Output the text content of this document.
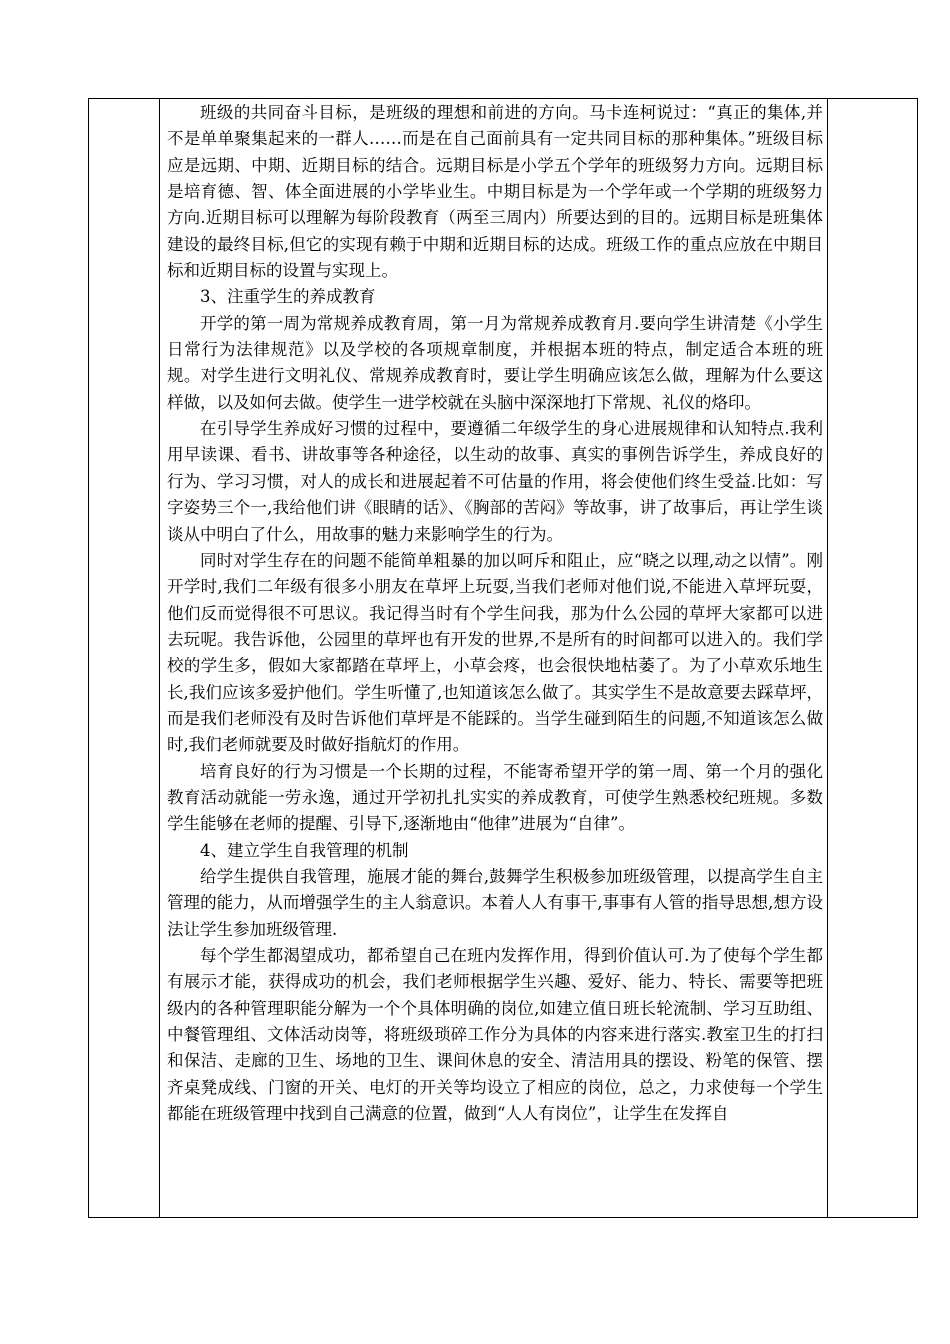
班级的共同奋斗目标，是班级的理想和前进的方向。马卡连柯说过：“真正的集体,并不是单单聚集起来的一群人……而是在自己面前具有一定共同目标的那种集体。”班级目标应是远期、中期、近期目标的结合。远期目标是小学五个学年的班级努力方向。远期目标是培育德、智、体全面进展的小学毕业生。中期目标是为一个学年或一个学期的班级努力方向.近期目标可以理解为每阶段教育（两至三周内）所要达到的目的。远期目标是班集体建设的最终目标,但它的实现有赖于中期和近期目标的达成。班级工作的重点应放在中期目标和近期目标的设置与实现上。

3、注重学生的养成教育

开学的第一周为常规养成教育周，第一月为常规养成教育月.要向学生讲清楚《小学生日常行为法律规范》以及学校的各项规章制度，并根据本班的特点，制定适合本班的班规。对学生进行文明礼仪、常规养成教育时，要让学生明确应该怎么做，理解为什么要这样做，以及如何去做。使学生一进学校就在头脑中深深地打下常规、礼仪的烙印。

在引导学生养成好习惯的过程中，要遵循二年级学生的身心进展规律和认知特点.我利用早读课、看书、讲故事等各种途径，以生动的故事、真实的事例告诉学生，养成良好的行为、学习习惯，对人的成长和进展起着不可估量的作用，将会使他们终生受益.比如：写字姿势三个一,我给他们讲《眼睛的话》、《胸部的苦闷》等故事，讲了故事后，再让学生谈谈从中明白了什么，用故事的魅力来影响学生的行为。

同时对学生存在的问题不能简单粗暴的加以呵斥和阻止，应“晓之以理,动之以情”。刚开学时,我们二年级有很多小朋友在草坪上玩耍,当我们老师对他们说,不能进入草坪玩耍，他们反而觉得很不可思议。我记得当时有个学生问我，那为什么公园的草坪大家都可以进去玩呢。我告诉他，公园里的草坪也有开发的世界,不是所有的时间都可以进入的。我们学校的学生多，假如大家都踏在草坪上，小草会疼，也会很快地枯萎了。为了小草欢乐地生长,我们应该多爱护他们。学生听懂了,也知道该怎么做了。其实学生不是故意要去踩草坪，而是我们老师没有及时告诉他们草坪是不能踩的。当学生碰到陌生的问题,不知道该怎么做时,我们老师就要及时做好指航灯的作用。

培育良好的行为习惯是一个长期的过程，不能寄希望开学的第一周、第一个月的强化教育活动就能一劳永逸，通过开学初扎扎实实的养成教育，可使学生熟悉校纪班规。多数学生能够在老师的提醒、引导下,逐渐地由“他律”进展为“自律”。

4、建立学生自我管理的机制

给学生提供自我管理，施展才能的舞台,鼓舞学生积极参加班级管理，以提高学生自主管理的能力，从而增强学生的主人翁意识。本着人人有事干,事事有人管的指导思想,想方设法让学生参加班级管理.

每个学生都渴望成功，都希望自己在班内发挥作用，得到价值认可.为了使每个学生都有展示才能，获得成功的机会，我们老师根据学生兴趣、爱好、能力、特长、需要等把班级内的各种管理职能分解为一个个具体明确的岗位,如建立值日班长轮流制、学习互助组、中餐管理组、文体活动岗等，将班级琐碎工作分为具体的内容来进行落实.教室卫生的打扫和保洁、走廊的卫生、场地的卫生、课间休息的安全、清洁用具的摆设、粉笔的保管、摆齐桌凳成线、门窗的开关、电灯的开关等均设立了相应的岗位，总之，力求使每一个学生都能在班级管理中找到自己满意的位置，做到“人人有岗位”，让学生在发挥自
